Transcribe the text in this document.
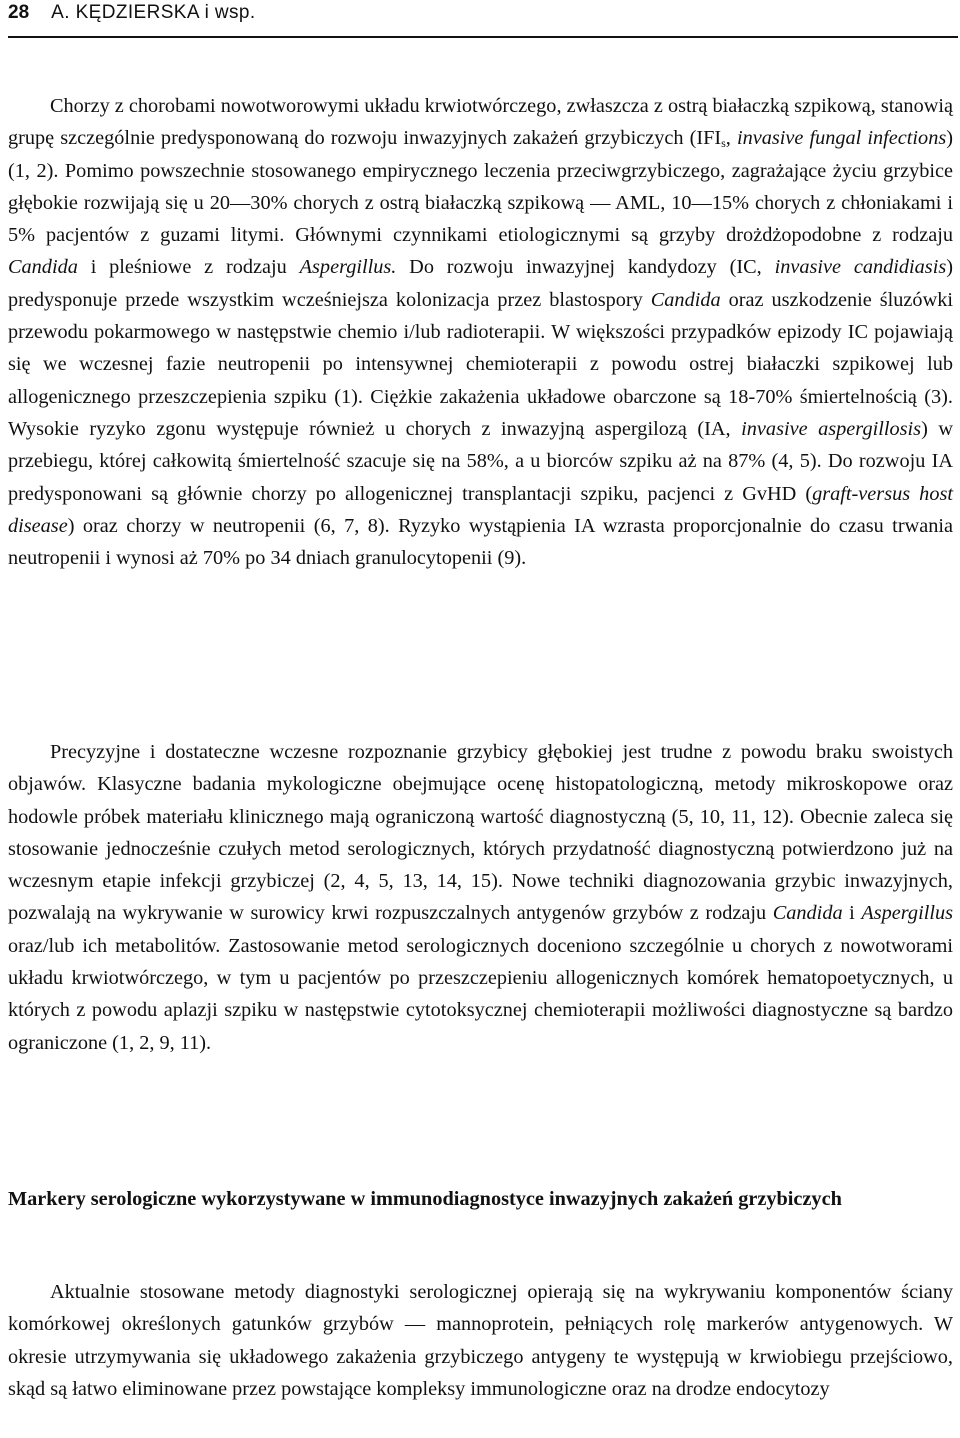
28 A. KĘDZIERSKA i wsp.

Chorzy z chorobami nowotworowymi układu krwiotwórczego, zwłaszcza z ostrą białaczką szpikową, stanowią grupę szczególnie predysponowaną do rozwoju inwazyjnych zakażeń grzybiczych ($IFI_s$, invasive fungal infections) (1, 2). Pomimo powszechnie stosowanego empirycznego leczenia przeciwgrzybiczego, zagrażające życiu grzybice głębokie rozwijają się u 20—30% chorych z ostrą białaczką szpikową — AML, 10—15% chorych z chłoniakami i 5% pacjentów z guzami litymi. Głównymi czynnikami etiologicznymi są grzyby drożdżopodobne z rodzaju Candida i pleśniowe z rodzaju Aspergillus. Do rozwoju inwazyjnej kandydozy (IC, invasive candidiasis) predysponuje przede wszystkim wcześniejsza kolonizacja przez blastospory Candida oraz uszkodzenie śluzówki przewodu pokarmowego w następstwie chemio i/lub radioterapii. W większości przypadków epizody IC pojawiają się we wczesnej fazie neutropenii po intensywnej chemioterapii z powodu ostrej białaczki szpikowej lub allogenicznego przeszczepienia szpiku (1). Ciężkie zakażenia układowe obarczone są 18-70% śmiertelnością (3). Wysokie ryzyko zgonu występuje również u chorych z inwazyjną aspergilozą (IA, invasive aspergillosis) w przebiegu, której całkowitą śmiertelność szacuje się na 58%, a u biorców szpiku aż na 87% (4, 5). Do rozwoju IA predysponowani są głównie chorzy po allogenicznej transplantacji szpiku, pacjenci z GvHD (graft-versus host disease) oraz chorzy w neutropenii (6, 7, 8). Ryzyko wystąpienia IA wzrasta proporcjonalnie do czasu trwania neutropenii i wynosi aż 70% po 34 dniach granulocytopenii (9).

Precyzyjne i dostateczne wczesne rozpoznanie grzybicy głębokiej jest trudne z powodu braku swoistych objawów. Klasyczne badania mykologiczne obejmujące ocenę histopatologiczną, metody mikroskopowe oraz hodowle próbek materiału klinicznego mają ograniczoną wartość diagnostyczną (5, 10, 11, 12). Obecnie zaleca się stosowanie jednocześnie czułych metod serologicznych, których przydatność diagnostyczną potwierdzono już na wczesnym etapie infekcji grzybiczej (2, 4, 5, 13, 14, 15). Nowe techniki diagnozowania grzybic inwazyjnych, pozwalają na wykrywanie w surowicy krwi rozpuszczalnych antygenów grzybów z rodzaju Candida i Aspergillus oraz/lub ich metabolitów. Zastosowanie metod serologicznych doceniono szczególnie u chorych z nowotworami układu krwiotwórczego, w tym u pacjentów po przeszczepieniu allogenicznych komórek hematopoetycznych, u których z powodu aplazji szpiku w następstwie cytotoksycznej chemioterapii możliwości diagnostyczne są bardzo ograniczone (1, 2, 9, 11).

Markery serologiczne wykorzystywane w immunodiagnostyce inwazyjnych zakażeń grzybiczych

Aktualnie stosowane metody diagnostyki serologicznej opierają się na wykrywaniu komponentów ściany komórkowej określonych gatunków grzybów — mannoprotein, pełniących rolę markerów antygenowych. W okresie utrzymywania się układowego zakażenia grzybiczego antygeny te występują w krwiobiegu przejściowo, skąd są łatwo eliminowane przez powstające kompleksy immunologiczne oraz na drodze endocytozy
